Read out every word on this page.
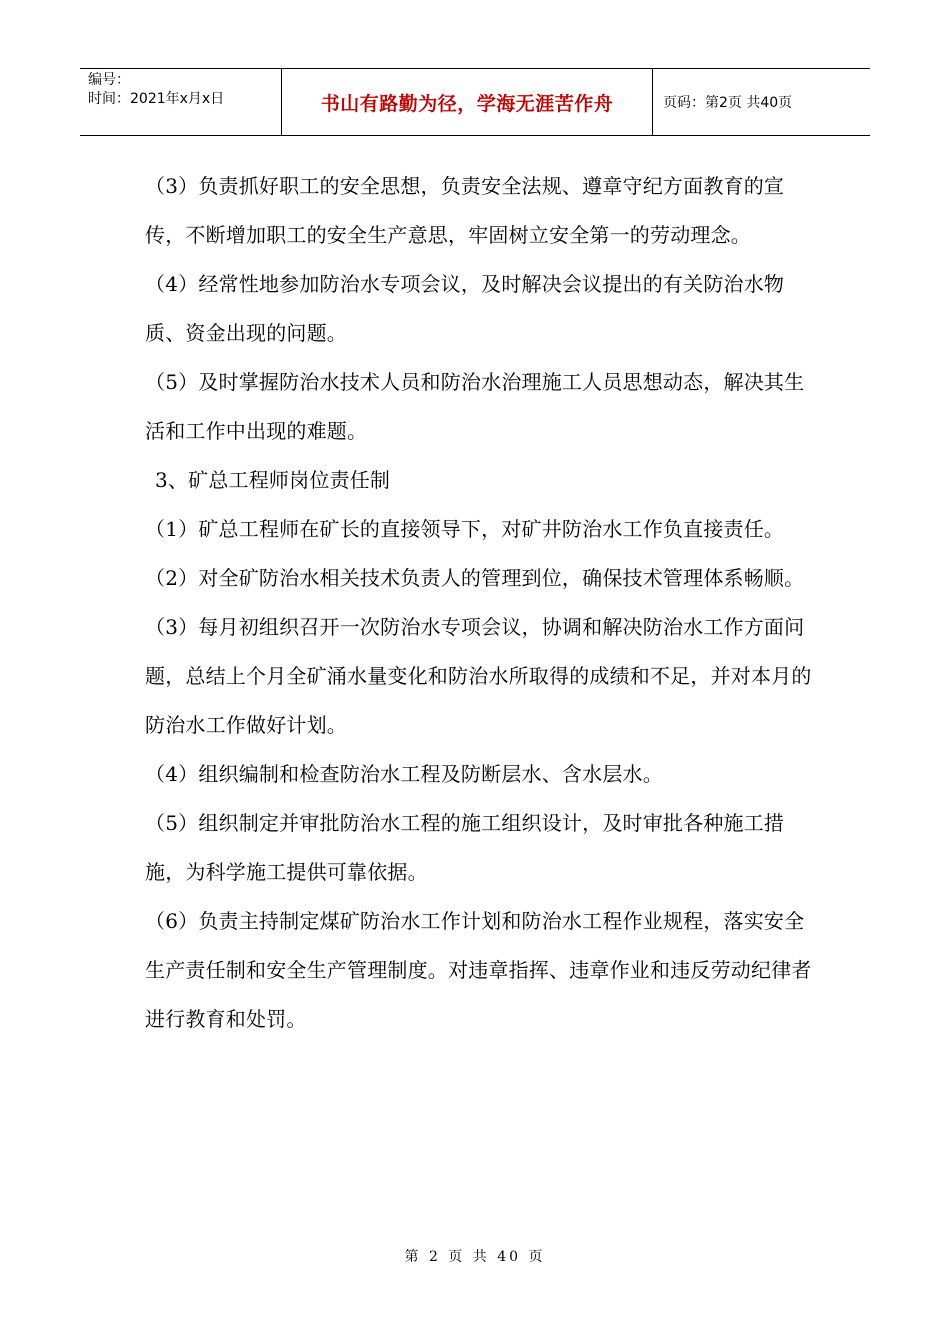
编号：
时间：2021年x月x日	书山有路勤为径，学海无涯苦作舟	页码：第2页 共40页
（3）负责抓好职工的安全思想，负责安全法规、遵章守纪方面教育的宣传，不断增加职工的安全生产意思，牢固树立安全第一的劳动理念。
（4）经常性地参加防治水专项会议，及时解决会议提出的有关防治水物质、资金出现的问题。
（5）及时掌握防治水技术人员和防治水治理施工人员思想动态，解决其生活和工作中出现的难题。
3、矿总工程师岗位责任制
（1）矿总工程师在矿长的直接领导下，对矿井防治水工作负直接责任。
（2）对全矿防治水相关技术负责人的管理到位，确保技术管理体系畅顺。
（3）每月初组织召开一次防治水专项会议，协调和解决防治水工作方面问题，总结上个月全矿涌水量变化和防治水所取得的成绩和不足，并对本月的防治水工作做好计划。
（4）组织编制和检查防治水工程及防断层水、含水层水。
（5）组织制定并审批防治水工程的施工组织设计，及时审批各种施工措施，为科学施工提供可靠依据。
（6）负责主持制定煤矿防治水工作计划和防治水工程作业规程，落实安全生产责任制和安全生产管理制度。对违章指挥、违章作业和违反劳动纪律者进行教育和处罚。
第 2 页 共 40 页
